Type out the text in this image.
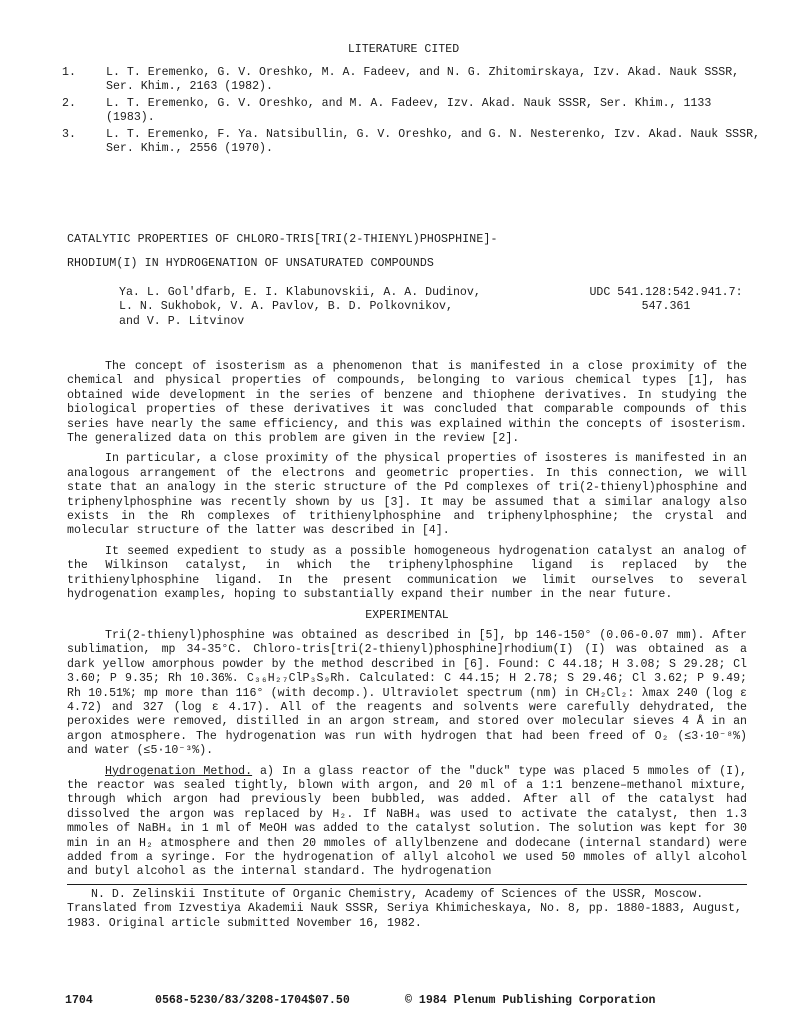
LITERATURE CITED
1.	L. T. Eremenko, G. V. Oreshko, M. A. Fadeev, and N. G. Zhitomirskaya, Izv. Akad. Nauk SSSR, Ser. Khim., 2163 (1982).
2.	L. T. Eremenko, G. V. Oreshko, and M. A. Fadeev, Izv. Akad. Nauk SSSR, Ser. Khim., 1133 (1983).
3.	L. T. Eremenko, F. Ya. Natsibullin, G. V. Oreshko, and G. N. Nesterenko, Izv. Akad. Nauk SSSR, Ser. Khim., 2556 (1970).
CATALYTIC PROPERTIES OF CHLORO-TRIS[TRI(2-THIENYL)PHOSPHINE]-
RHODIUM(I) IN HYDROGENATION OF UNSATURATED COMPOUNDS
Ya. L. Gol'dfarb, E. I. Klabunovskii, A. A. Dudinov,
L. N. Sukhobok, V. A. Pavlov, B. D. Polkovnikov,
and V. P. Litvinov
UDC 541.128:542.941.7:
547.361

The concept of isosterism as a phenomenon that is manifested in a close proximity of the chemical and physical properties of compounds, belonging to various chemical types [1], has obtained wide development in the series of benzene and thiophene derivatives. In studying the biological properties of these derivatives it was concluded that comparable compounds of this series have nearly the same efficiency, and this was explained within the concepts of isosterism. The generalized data on this problem are given in the review [2].

In particular, a close proximity of the physical properties of isosteres is manifested in an analogous arrangement of the electrons and geometric properties. In this connection, we will state that an analogy in the steric structure of the Pd complexes of tri(2-thienyl)phosphine and triphenylphosphine was recently shown by us [3]. It may be assumed that a similar analogy also exists in the Rh complexes of trithienylphosphine and triphenylphosphine; the crystal and molecular structure of the latter was described in [4].

It seemed expedient to study as a possible homogeneous hydrogenation catalyst an analog of the Wilkinson catalyst, in which the triphenylphosphine ligand is replaced by the trithienylphosphine ligand. In the present communication we limit ourselves to several hydrogenation examples, hoping to substantially expand their number in the near future.

EXPERIMENTAL

Tri(2-thienyl)phosphine was obtained as described in [5], bp 146-150° (0.06-0.07 mm). After sublimation, mp 34-35°C. Chloro-tris[tri(2-thienyl)phosphine]rhodium(I) (I) was obtained as a dark yellow amorphous powder by the method described in [6]. Found: C 44.18; H 3.08; S 29.28; Cl 3.60; P 9.35; Rh 10.36%. C₃₆H₂₇ClP₃S₉Rh. Calculated: C 44.15; H 2.78; S 29.46; Cl 3.62; P 9.49; Rh 10.51%; mp more than 116° (with decomp.). Ultraviolet spectrum (nm) in CH₂Cl₂: λmax 240 (log ε 4.72) and 327 (log ε 4.17). All of the reagents and solvents were carefully dehydrated, the peroxides were removed, distilled in an argon stream, and stored over molecular sieves 4 Å in an argon atmosphere. The hydrogenation was run with hydrogen that had been freed of O₂ (≤3·10⁻⁸%) and water (≤5·10⁻³%).

Hydrogenation Method. a) In a glass reactor of the "duck" type was placed 5 mmoles of (I), the reactor was sealed tightly, blown with argon, and 20 ml of a 1:1 benzene–methanol mixture, through which argon had previously been bubbled, was added. After all of the catalyst had dissolved the argon was replaced by H₂. If NaBH₄ was used to activate the catalyst, then 1.3 mmoles of NaBH₄ in 1 ml of MeOH was added to the catalyst solution. The solution was kept for 30 min in an H₂ atmosphere and then 20 mmoles of allylbenzene and dodecane (internal standard) were added from a syringe. For the hydrogenation of allyl alcohol we used 50 mmoles of allyl alcohol and butyl alcohol as the internal standard. The hydrogenation

N. D. Zelinskii Institute of Organic Chemistry, Academy of Sciences of the USSR, Moscow. Translated from Izvestiya Akademii Nauk SSSR, Seriya Khimicheskaya, No. 8, pp. 1880-1883, August, 1983. Original article submitted November 16, 1982.
1704	0568-5230/83/3208-1704$07.50	© 1984 Plenum Publishing Corporation
